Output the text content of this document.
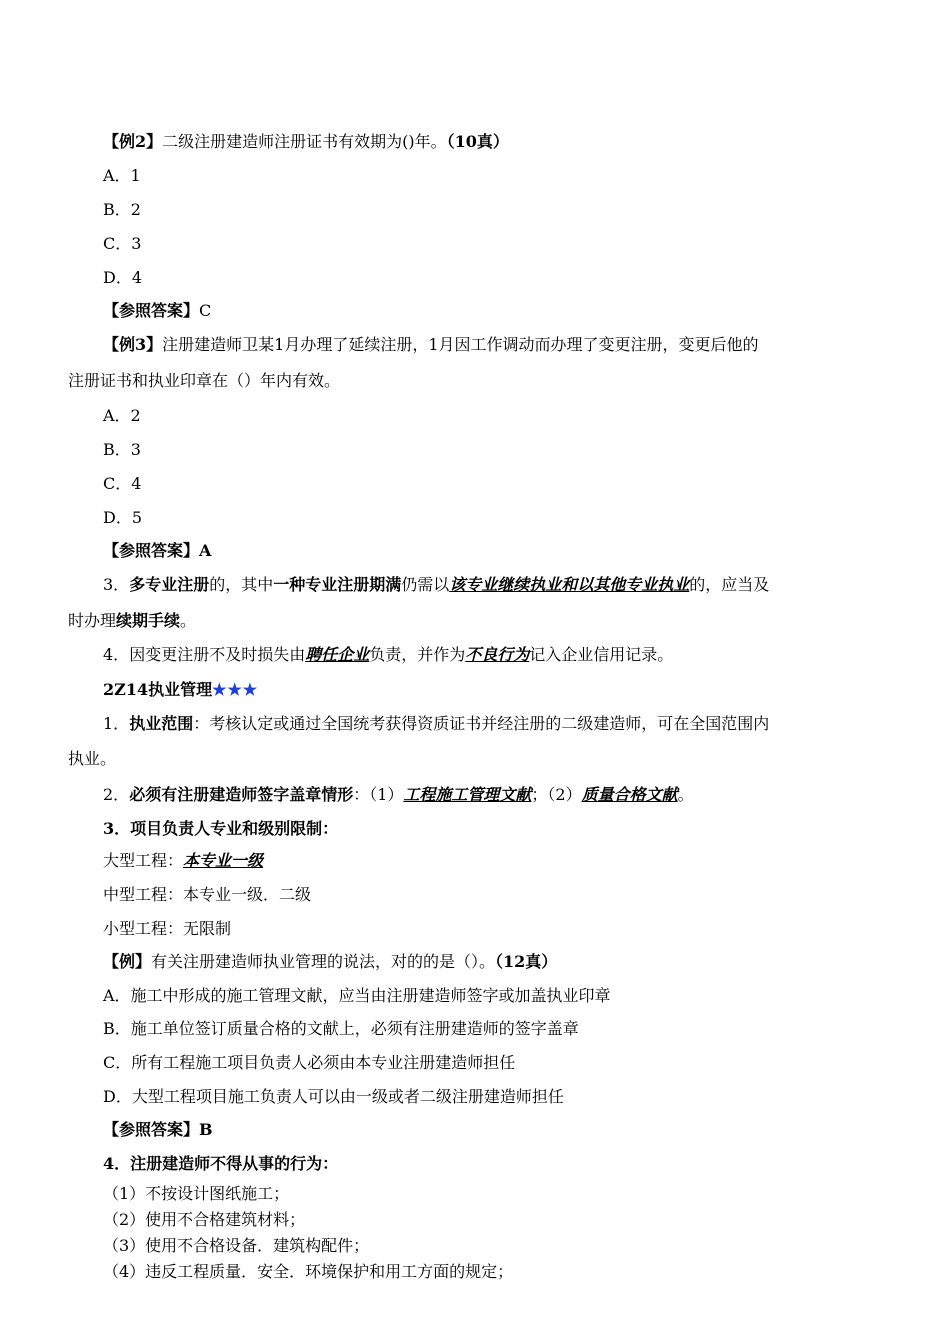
【例2】二级注册建造师注册证书有效期为()年。（10真）
A．1
B．2
C．3
D．4
【参照答案】C
【例3】注册建造师卫某1月办理了延续注册，1月因工作调动而办理了变更注册，变更后他的
注册证书和执业印章在（）年内有效。
A．2
B．3
C．4
D．5
【参照答案】A
3．多专业注册的，其中一种专业注册期满仍需以该专业继续执业和以其他专业执业的，应当及
时办理续期手续。
4．因变更注册不及时损失由聘任企业负责，并作为不良行为记入企业信用记录。
2Z14执业管理★★★
1．执业范围：考核认定或通过全国统考获得资质证书并经注册的二级建造师，可在全国范围内
执业。
2．必须有注册建造师签字盖章情形：（1）工程施工管理文献；（2）质量合格文献。
3．项目负责人专业和级别限制：
大型工程：本专业一级
中型工程：本专业一级．二级
小型工程：无限制
【例】有关注册建造师执业管理的说法，对的的是（）。（12真）
A．施工中形成的施工管理文献，应当由注册建造师签字或加盖执业印章
B．施工单位签订质量合格的文献上，必须有注册建造师的签字盖章
C．所有工程施工项目负责人必须由本专业注册建造师担任
D．大型工程项目施工负责人可以由一级或者二级注册建造师担任
【参照答案】B
4．注册建造师不得从事的行为：
（1）不按设计图纸施工；
（2）使用不合格建筑材料；
（3）使用不合格设备．建筑构配件；
（4）违反工程质量．安全．环境保护和用工方面的规定；
